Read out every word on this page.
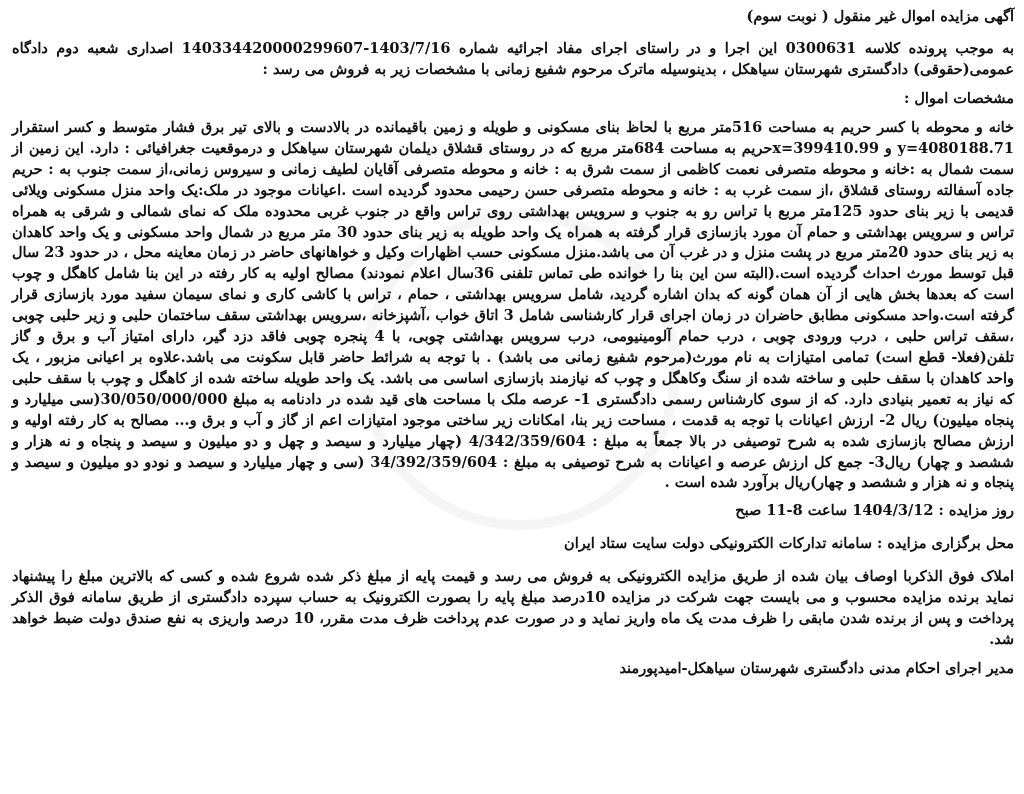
آگهی مزایده اموال غیر منقول ( نوبت سوم)

به موجب پرونده کلاسه 0300631 این اجرا و در راستای اجرای مفاد اجرائیه شماره 1403/7/16-140334420000299607 اصداری شعبه دوم دادگاه عمومی(حقوقی) دادگستری شهرستان سیاهکل ، بدینوسیله ماترک مرحوم شفیع زمانی با مشخصات زیر به فروش می رسد :

مشخصات اموال :

خانه و محوطه با کسر حریم به مساحت 516متر مربع با لحاظ بنای مسکونی و طویله و زمین باقیمانده در بالادست و بالای تیر برق فشار متوسط و کسر استقرار 4080188.71=y و 399410.99=xحریم به مساحت 684متر مربع که در روستای قشلاق دیلمان شهرستان سیاهکل و درموقعیت جغرافیائی : دارد. این زمین از سمت شمال به :خانه و محوطه متصرفی نعمت کاظمی از سمت شرق به : خانه و محوطه متصرفی آقایان لطیف زمانی و سیروس زمانی،از سمت جنوب به : حریم جاده آسفالته روستای قشلاق ،از سمت غرب به : خانه و محوطه متصرفی حسن رحیمی محدود گردیده است .اعیانات موجود در ملک:یک واحد منزل مسکونی ویلائی قدیمی با زیر بنای حدود 125متر مربع با تراس رو به جنوب و سرویس بهداشتی روی تراس واقع در جنوب غربی محدوده ملک که نمای شمالی و شرقی به همراه تراس و سرویس بهداشتی و حمام آن مورد بازسازی قرار گرفته به همراه یک واحد طویله به زیر بنای حدود 30 متر مربع در شمال واحد مسکونی و یک واحد کاهدان به زیر بنای حدود 20متر مربع در پشت منزل و در غرب آن می باشد.منزل مسکونی حسب اظهارات وکیل و خواهانهای حاضر در زمان معاینه محل ، در حدود 23 سال قبل توسط مورث احداث گردیده است.(البته سن این بنا را خوانده طی تماس تلفنی 36سال اعلام نمودند) مصالح اولیه به کار رفته در این بنا شامل کاهگل و چوب است که بعدها بخش هایی از آن همان گونه که بدان اشاره گردید، شامل سرویس بهداشتی ، حمام ، تراس با کاشی کاری و نمای سیمان سفید مورد بازسازی قرار گرفته است.واحد مسکونی مطابق حاضران در زمان اجرای قرار کارشناسی شامل 3 اتاق خواب ،آشپزخانه ،سرویس بهداشتی سقف ساختمان حلبی و زیر حلبی چوبی ،سقف تراس حلبی ، درب ورودی چوبی ، درب حمام آلومینیومی، درب سرویس بهداشتی چوبی، با 4 پنجره چوبی فاقد دزد گیر، دارای امتیاز آب و برق و گاز تلفن(فعلا- قطع است) تمامی امتیازات به نام مورث(مرحوم شفیع زمانی می باشد) . با توجه به شرائط حاضر قابل سکونت می باشد.علاوه بر اعیانی مزبور ، یک واحد کاهدان با سقف حلبی و ساخته شده از سنگ وکاهگل و چوب که نیازمند بازسازی اساسی می باشد. یک واحد طویله ساخته شده از کاهگل و چوب با سقف حلبی که نیاز به تعمیر بنیادی دارد. که از سوی کارشناس رسمی دادگستری 1- عرصه ملک با مساحت های قید شده در دادنامه به مبلغ 30/050/000/000(سی میلیارد و پنجاه میلیون) ریال 2- ارزش اعیانات با توجه به قدمت ، مساحت زیر بنا، امکانات زیر ساختی موجود امتیازات اعم از گاز و آب و برق و... مصالح به کار رفته اولیه و ارزش مصالح بازسازی شده به شرح توصیفی در بالا جمعاً به مبلغ : 4/342/359/604 (چهار میلیارد و سیصد و چهل و دو میلیون و سیصد و پنجاه و نه هزار و ششصد و چهار) ریال3- جمع کل ارزش عرصه و اعیانات به شرح توصیفی به مبلغ : 34/392/359/604 (سی و چهار میلیارد و سیصد و نودو دو میلیون و سیصد و پنجاه و نه هزار و ششصد و چهار)ریال برآورد شده است .

روز مزایده : 1404/3/12 ساعت 8-11 صبح

محل برگزاری مزایده : سامانه تدارکات الکترونیکی دولت سایت ستاد ایران

املاک فوق الذکربا اوصاف بیان شده از طریق مزایده الکترونیکی به فروش می رسد و قیمت پایه از مبلغ ذکر شده شروع شده و کسی که بالاترین مبلغ را پیشنهاد نماید برنده مزایده محسوب و می بایست جهت شرکت در مزایده 10درصد مبلغ پایه را بصورت الکترونیک به حساب سپرده دادگستری از طریق سامانه فوق الذکر پرداخت و پس از برنده شدن مابقی را ظرف مدت یک ماه واریز نماید و در صورت عدم پرداخت ظرف مدت مقرر، 10 درصد واریزی به نفع صندق دولت ضبط خواهد شد.

مدیر اجرای احکام مدنی دادگستری شهرستان سیاهکل-امیدپورمند
